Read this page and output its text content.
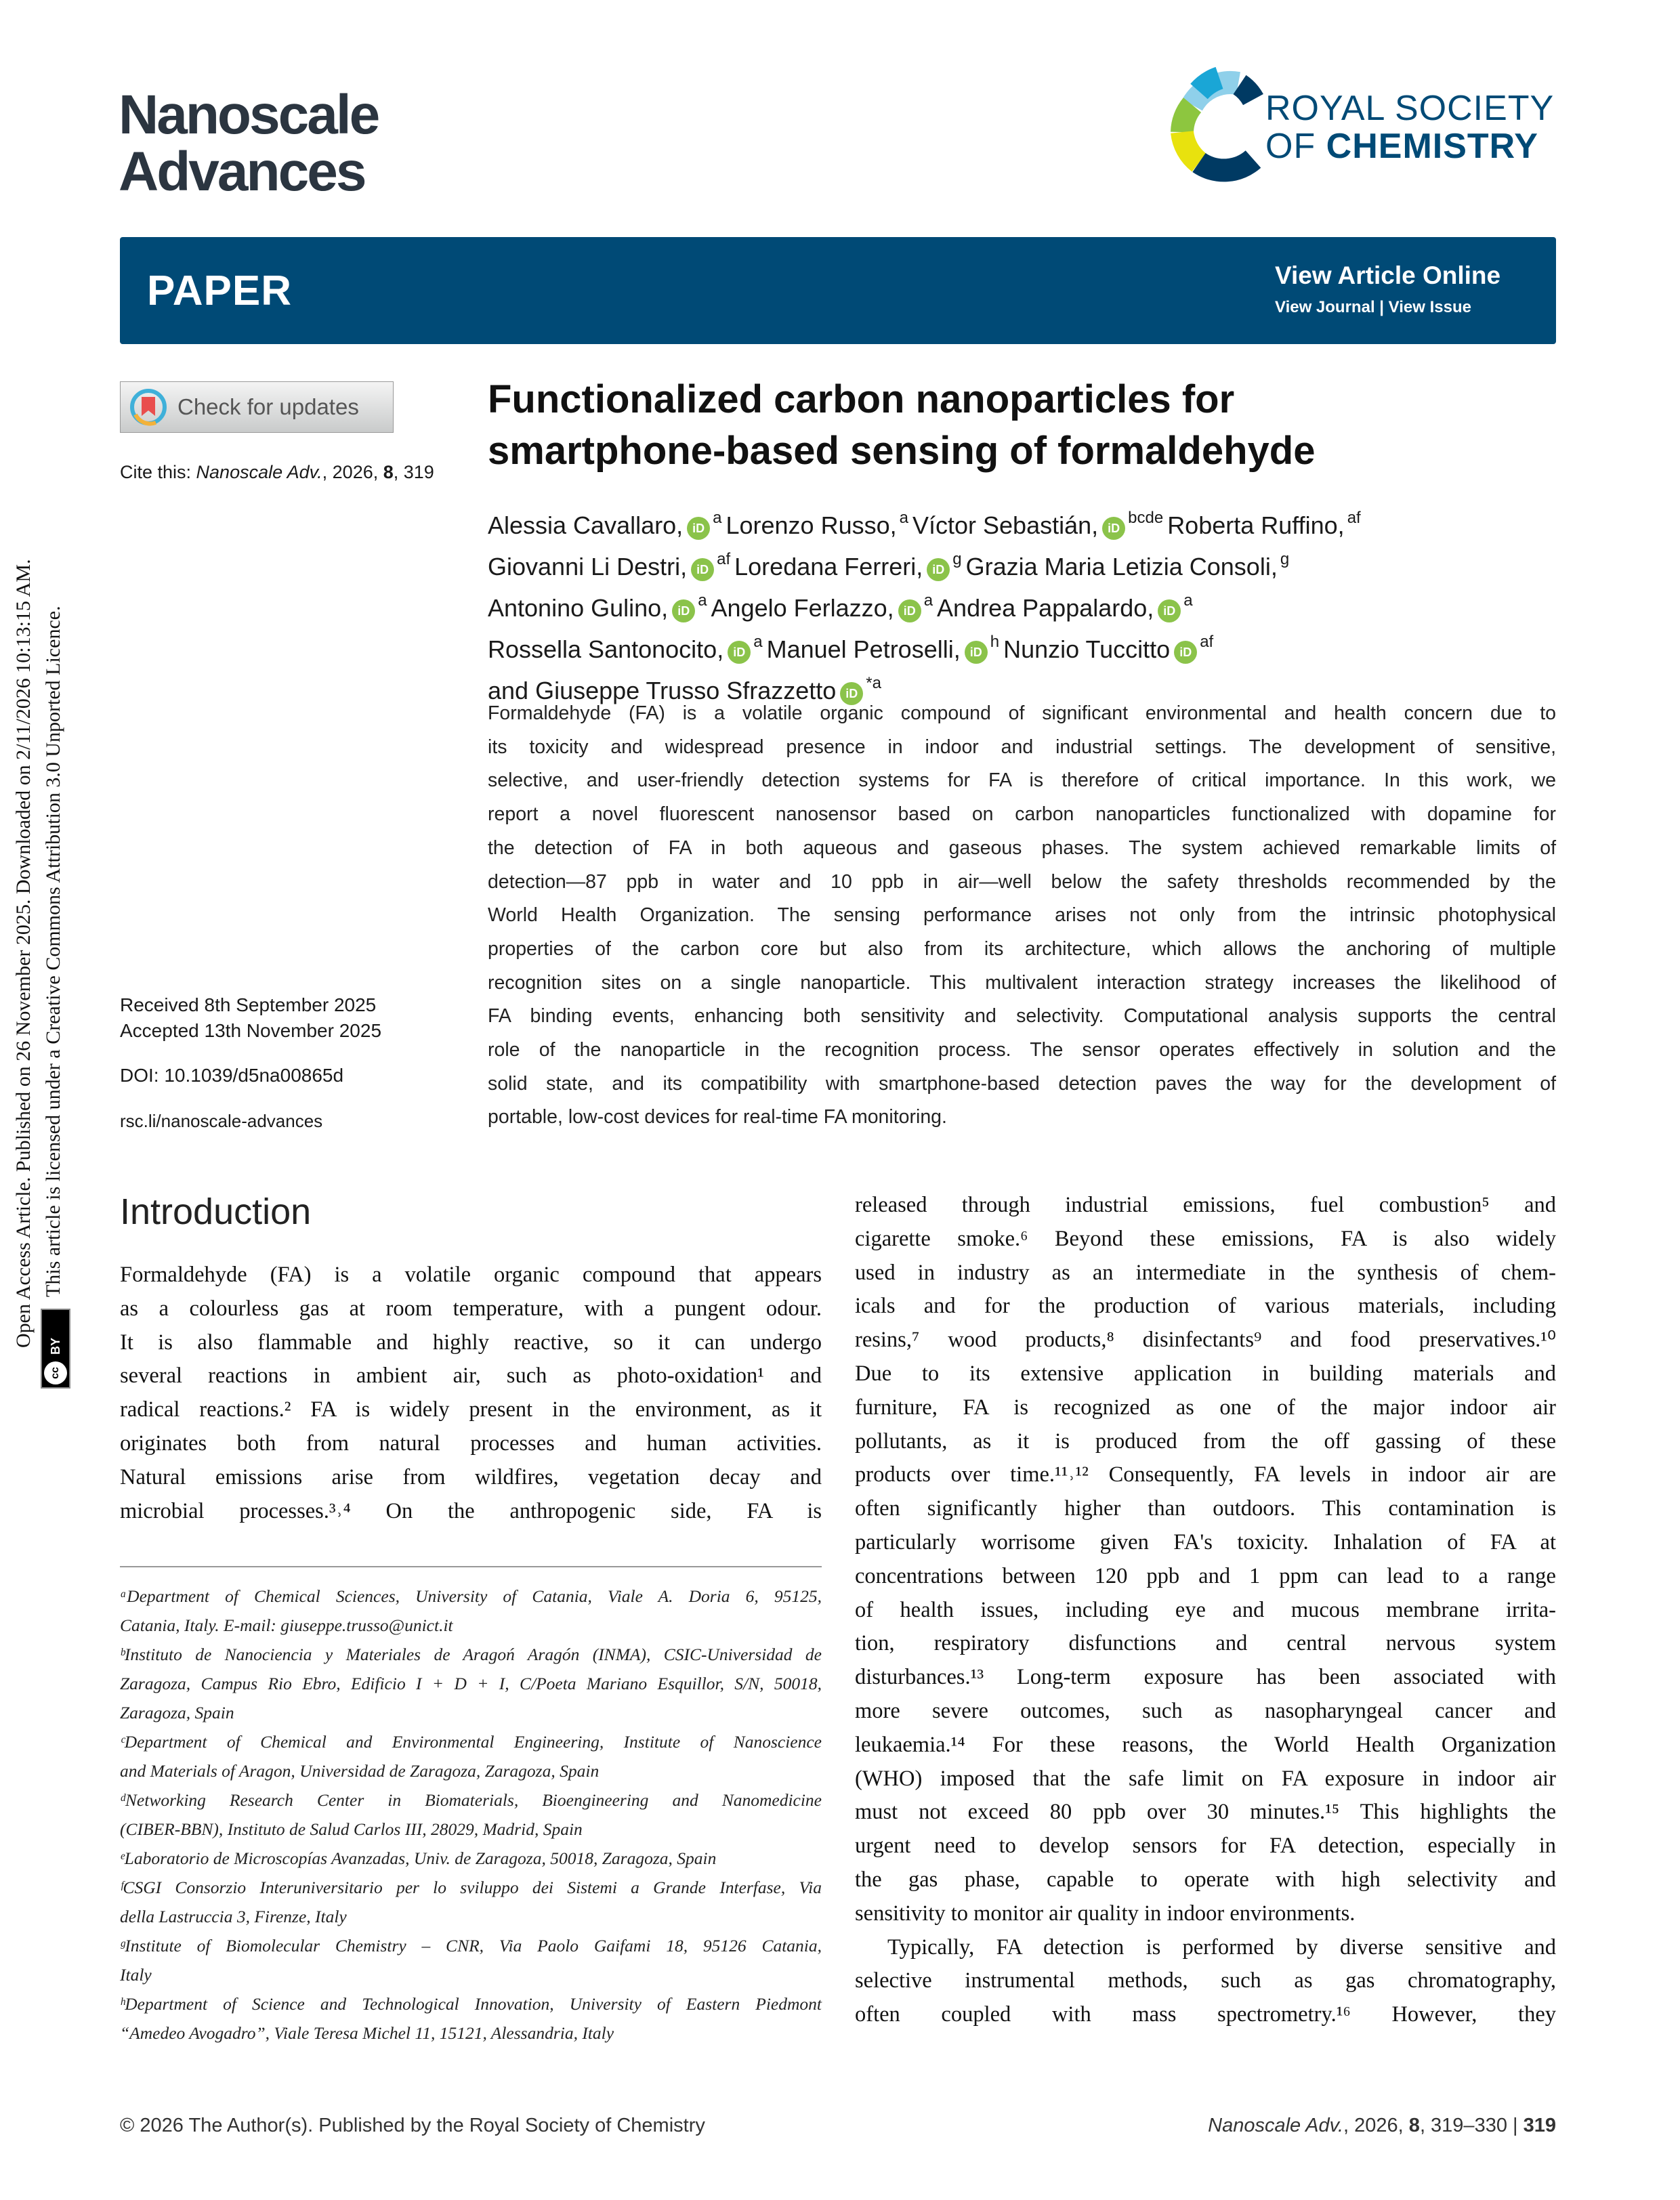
Open Access Article. Published on 26 November 2025. Downloaded on 2/11/2026 10:13:15 AM.
cc
BY
This article is licensed under a Creative Commons Attribution 3.0 Unported Licence.
Nanoscale
Advances
ROYAL SOCIETY
OF CHEMISTRY
PAPER	View Article Online
View Journal | View Issue
Check for updates
Cite this: Nanoscale Adv., 2026, 8, 319
Functionalized carbon nanoparticles for
smartphone-based sensing of formaldehyde
Alessia Cavallaro, iD$^a$ Lorenzo Russo, $^a$ Víctor Sebastián, iD$^{bcde}$ Roberta Ruffino, $^{af}$
Giovanni Li Destri, iD$^{af}$ Loredana Ferreri, iD$^g$ Grazia Maria Letizia Consoli, $^g$
Antonino Gulino, iD$^a$ Angelo Ferlazzo, iD$^a$ Andrea Pappalardo, iD$^a$
Rossella Santonocito, iD$^a$ Manuel Petroselli, iD$^h$ Nunzio Tuccitto iD$^{af}$
and Giuseppe Trusso Sfrazzetto iD$^{*a}$
Formaldehyde (FA) is a volatile organic compound of significant environmental and health concern due to
its toxicity and widespread presence in indoor and industrial settings. The development of sensitive,
selective, and user-friendly detection systems for FA is therefore of critical importance. In this work, we
report a novel fluorescent nanosensor based on carbon nanoparticles functionalized with dopamine for
the detection of FA in both aqueous and gaseous phases. The system achieved remarkable limits of
detection—87 ppb in water and 10 ppb in air—well below the safety thresholds recommended by the
World Health Organization. The sensing performance arises not only from the intrinsic photophysical
properties of the carbon core but also from its architecture, which allows the anchoring of multiple
recognition sites on a single nanoparticle. This multivalent interaction strategy increases the likelihood of
FA binding events, enhancing both sensitivity and selectivity. Computational analysis supports the central
role of the nanoparticle in the recognition process. The sensor operates effectively in solution and the
solid state, and its compatibility with smartphone-based detection paves the way for the development of
portable, low-cost devices for real-time FA monitoring.
Received 8th September 2025
Accepted 13th November 2025
DOI: 10.1039/d5na00865d
rsc.li/nanoscale-advances
Introduction
Formaldehyde (FA) is a volatile organic compound that appears
as a colourless gas at room temperature, with a pungent odour.
It is also flammable and highly reactive, so it can undergo
several reactions in ambient air, such as photo-oxidation¹ and
radical reactions.² FA is widely present in the environment, as it
originates both from natural processes and human activities.
Natural emissions arise from wildfires, vegetation decay and
microbial processes.³˒⁴ On the anthropogenic side, FA is
ᵃDepartment of Chemical Sciences, University of Catania, Viale A. Doria 6, 95125,
Catania, Italy. E-mail: giuseppe.trusso@unict.it
ᵇInstituto de Nanociencia y Materiales de Aragoń Aragón (INMA), CSIC-Universidad de
Zaragoza, Campus Rio Ebro, Edificio I + D + I, C/Poeta Mariano Esquillor, S/N, 50018,
Zaragoza, Spain
ᶜDepartment of Chemical and Environmental Engineering, Institute of Nanoscience
and Materials of Aragon, Universidad de Zaragoza, Zaragoza, Spain
ᵈNetworking Research Center in Biomaterials, Bioengineering and Nanomedicine
(CIBER-BBN), Instituto de Salud Carlos III, 28029, Madrid, Spain
ᵉLaboratorio de Microscopías Avanzadas, Univ. de Zaragoza, 50018, Zaragoza, Spain
ᶠCSGI Consorzio Interuniversitario per lo sviluppo dei Sistemi a Grande Interfase, Via
della Lastruccia 3, Firenze, Italy
ᵍInstitute of Biomolecular Chemistry – CNR, Via Paolo Gaifami 18, 95126 Catania,
Italy
ʰDepartment of Science and Technological Innovation, University of Eastern Piedmont
“Amedeo Avogadro”, Viale Teresa Michel 11, 15121, Alessandria, Italy
released through industrial emissions, fuel combustion⁵ and
cigarette smoke.⁶ Beyond these emissions, FA is also widely
used in industry as an intermediate in the synthesis of chem-
icals and for the production of various materials, including
resins,⁷ wood products,⁸ disinfectants⁹ and food preservatives.¹⁰
Due to its extensive application in building materials and
furniture, FA is recognized as one of the major indoor air
pollutants, as it is produced from the off gassing of these
products over time.¹¹˒¹² Consequently, FA levels in indoor air are
often significantly higher than outdoors. This contamination is
particularly worrisome given FA's toxicity. Inhalation of FA at
concentrations between 120 ppb and 1 ppm can lead to a range
of health issues, including eye and mucous membrane irrita-
tion, respiratory disfunctions and central nervous system
disturbances.¹³ Long-term exposure has been associated with
more severe outcomes, such as nasopharyngeal cancer and
leukaemia.¹⁴ For these reasons, the World Health Organization
(WHO) imposed that the safe limit on FA exposure in indoor air
must not exceed 80 ppb over 30 minutes.¹⁵ This highlights the
urgent need to develop sensors for FA detection, especially in
the gas phase, capable to operate with high selectivity and
sensitivity to monitor air quality in indoor environments.
Typically, FA detection is performed by diverse sensitive and
selective instrumental methods, such as gas chromatography,
often coupled with mass spectrometry.¹⁶ However, they
© 2026 The Author(s). Published by the Royal Society of Chemistry	Nanoscale Adv., 2026, 8, 319–330 | 319
